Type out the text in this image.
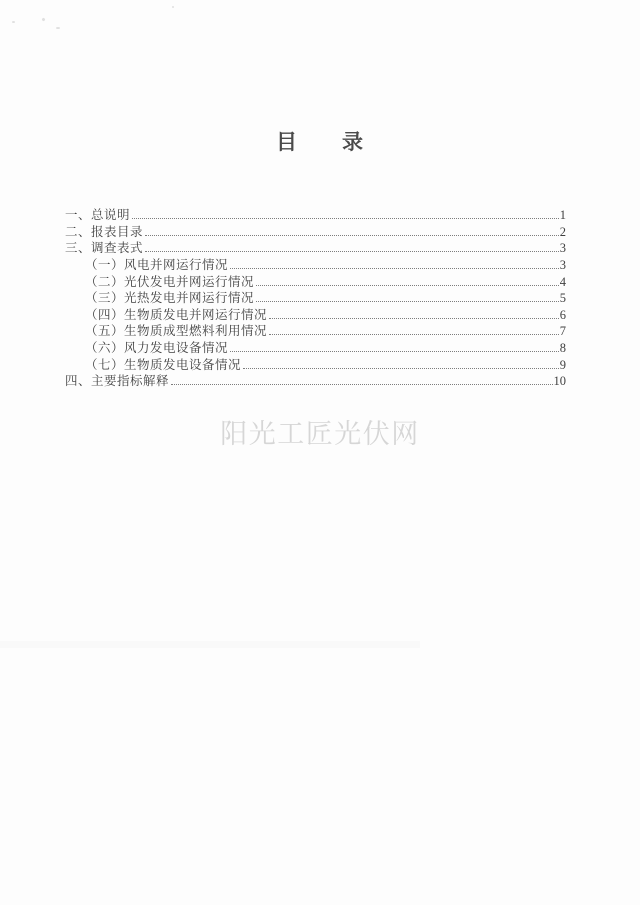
目　　录
一、总说明	1
二、报表目录	2
三、调查表式	3
（一）风电并网运行情况	3
（二）光伏发电并网运行情况	4
（三）光热发电并网运行情况	5
（四）生物质发电并网运行情况	6
（五）生物质成型燃料利用情况	7
（六）风力发电设备情况	8
（七）生物质发电设备情况	9
四、主要指标解释	10
阳光工匠光伏网
